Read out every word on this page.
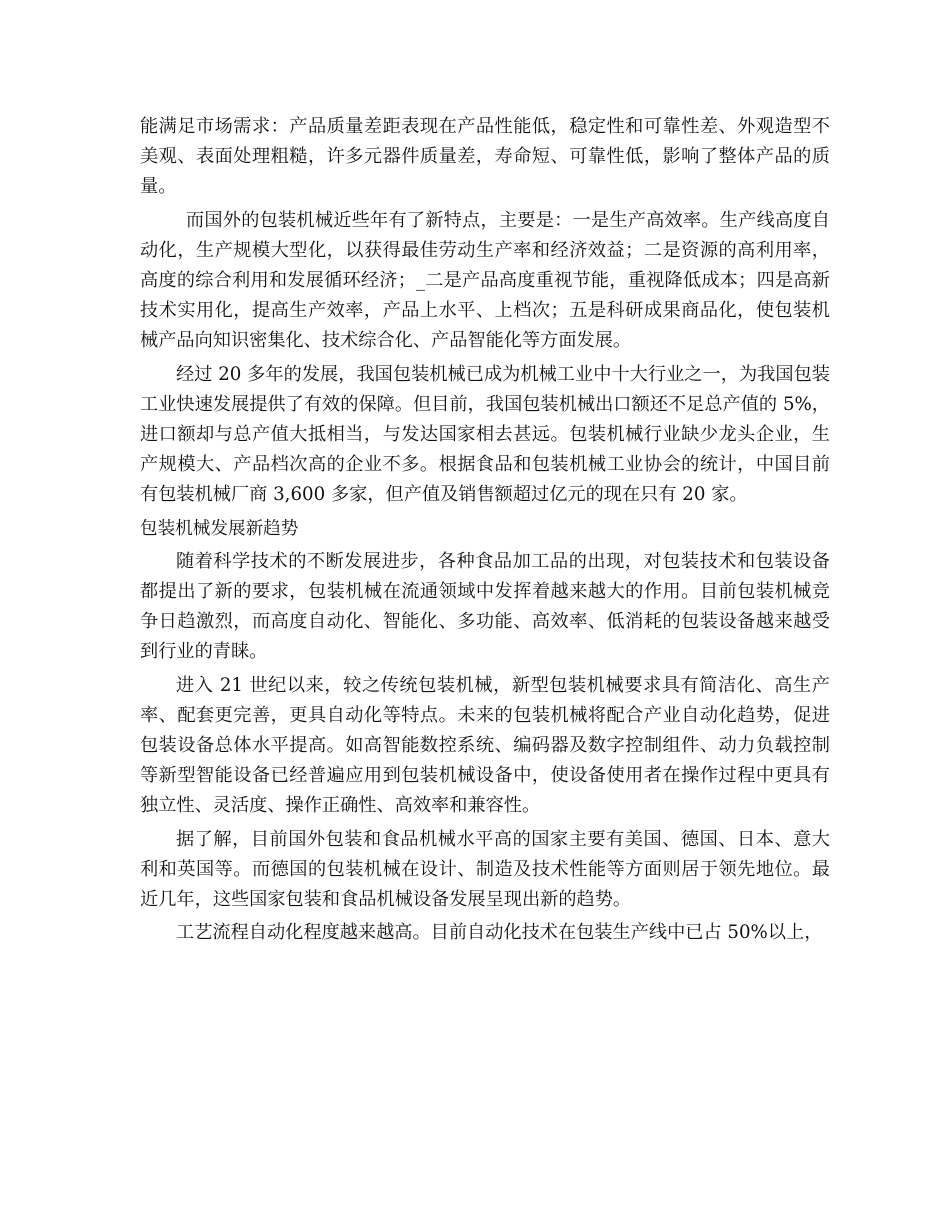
能满足市场需求：产品质量差距表现在产品性能低，稳定性和可靠性差、外观造型不美观、表面处理粗糙，许多元器件质量差，寿命短、可靠性低，影响了整体产品的质量。

而国外的包装机械近些年有了新特点，主要是：一是生产高效率。生产线高度自动化，生产规模大型化，以获得最佳劳动生产率和经济效益；二是资源的高利用率，高度的综合利用和发展循环经济；_二是产品高度重视节能，重视降低成本；四是高新技术实用化，提高生产效率，产品上水平、上档次；五是科研成果商品化，使包装机械产品向知识密集化、技术综合化、产品智能化等方面发展。

经过 20 多年的发展，我国包装机械已成为机械工业中十大行业之一，为我国包装工业快速发展提供了有效的保障。但目前，我国包装机械出口额还不足总产值的 5%，进口额却与总产值大抵相当，与发达国家相去甚远。包装机械行业缺少龙头企业，生产规模大、产品档次高的企业不多。根据食品和包装机械工业协会的统计，中国目前有包装机械厂商 3,600 多家，但产值及销售额超过亿元的现在只有 20 家。

包装机械发展新趋势

随着科学技术的不断发展进步，各种食品加工品的出现，对包装技术和包装设备都提出了新的要求，包装机械在流通领域中发挥着越来越大的作用。目前包装机械竞争日趋激烈，而高度自动化、智能化、多功能、高效率、低消耗的包装设备越来越受到行业的青睐。

进入 21 世纪以来，较之传统包装机械，新型包装机械要求具有简洁化、高生产率、配套更完善，更具自动化等特点。未来的包装机械将配合产业自动化趋势，促进包装设备总体水平提高。如高智能数控系统、编码器及数字控制组件、动力负载控制等新型智能设备已经普遍应用到包装机械设备中，使设备使用者在操作过程中更具有独立性、灵活度、操作正确性、高效率和兼容性。

据了解，目前国外包装和食品机械水平高的国家主要有美国、德国、日本、意大利和英国等。而德国的包装机械在设计、制造及技术性能等方面则居于领先地位。最近几年，这些国家包装和食品机械设备发展呈现出新的趋势。

工艺流程自动化程度越来越高。目前自动化技术在包装生产线中已占 50%以上，
